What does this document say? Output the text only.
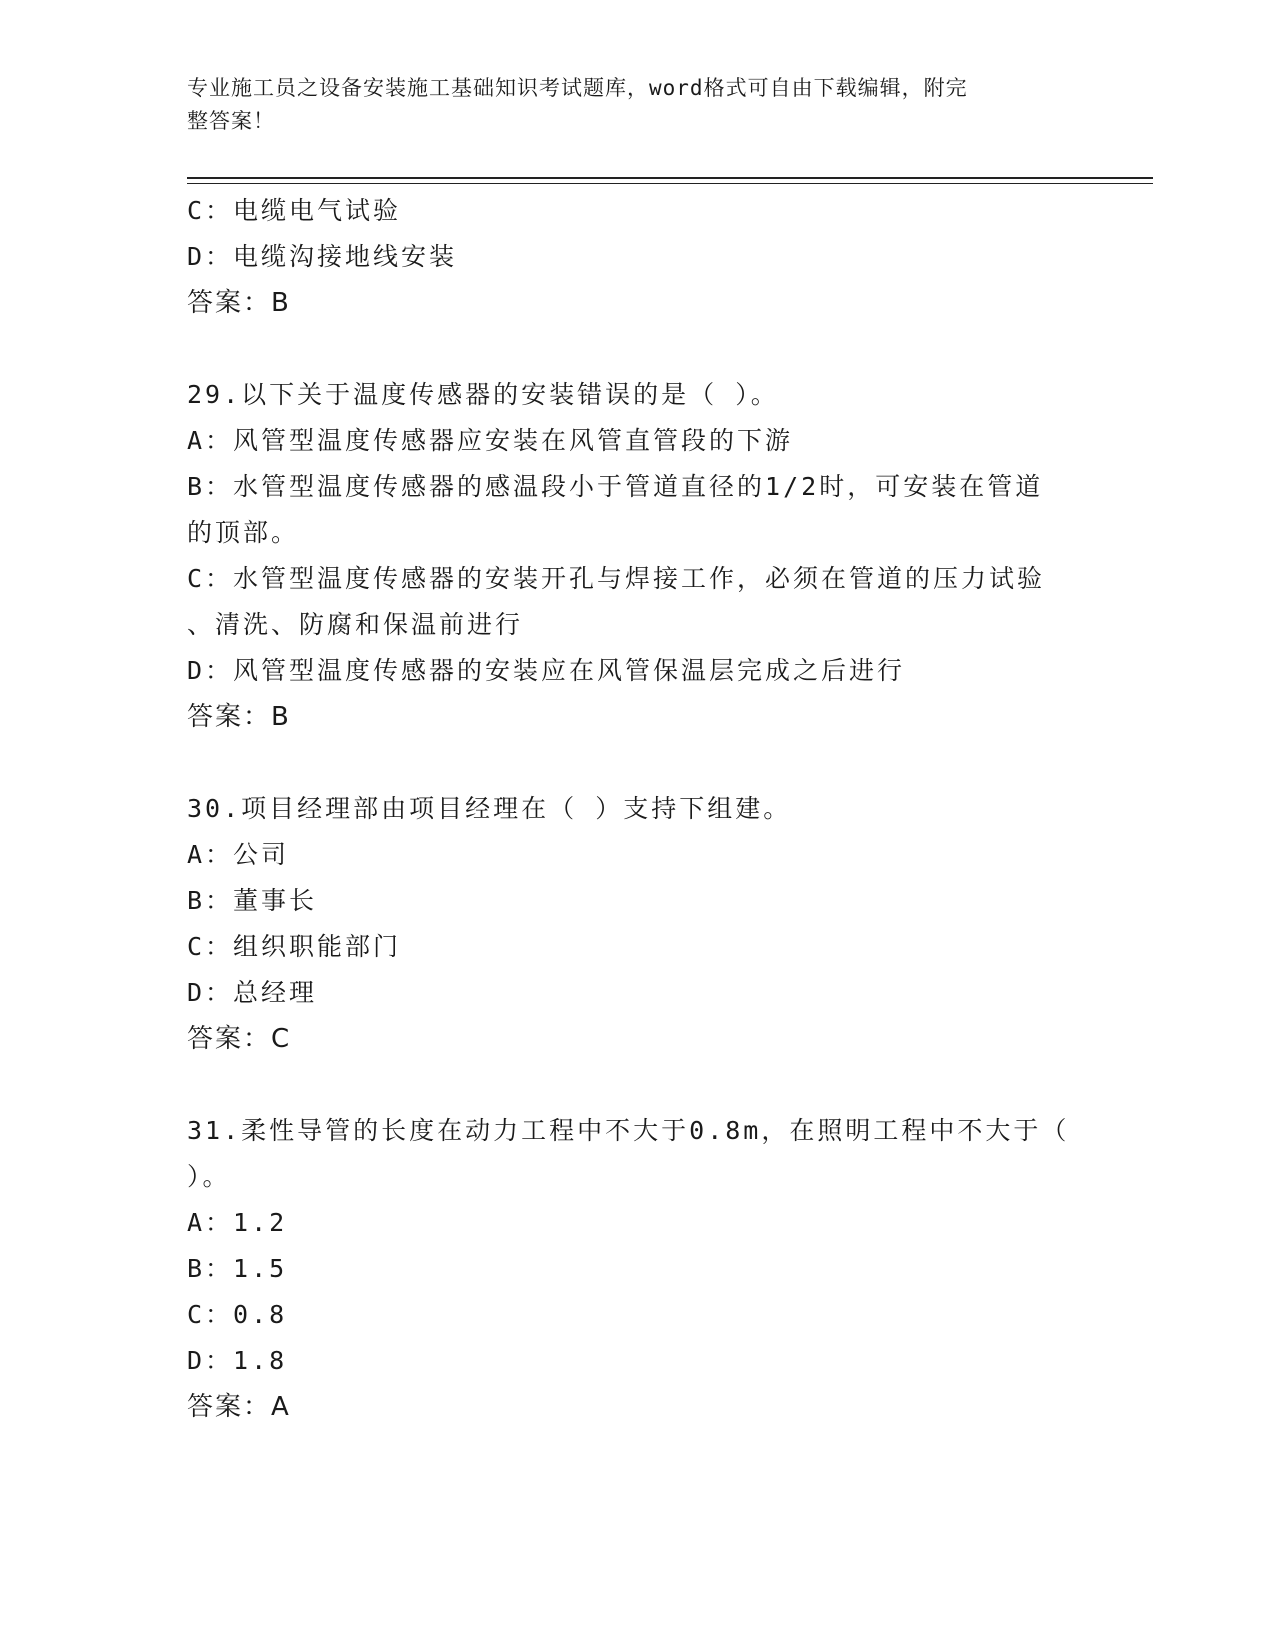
专业施工员之设备安装施工基础知识考试题库，word格式可自由下载编辑，附完
整答案！
C：电缆电气试验
D：电缆沟接地线安装
答案：B
29.以下关于温度传感器的安装错误的是（ ）。
A：风管型温度传感器应安装在风管直管段的下游
B：水管型温度传感器的感温段小于管道直径的1/2时，可安装在管道
的顶部。
C：水管型温度传感器的安装开孔与焊接工作，必须在管道的压力试验
、清洗、防腐和保温前进行
D：风管型温度传感器的安装应在风管保温层完成之后进行
答案：B
30.项目经理部由项目经理在（ ）支持下组建。
A：公司
B：董事长
C：组织职能部门
D：总经理
答案：C
31.柔性导管的长度在动力工程中不大于0.8m，在照明工程中不大于（
）。
A：1.2
B：1.5
C：0.8
D：1.8
答案：A
